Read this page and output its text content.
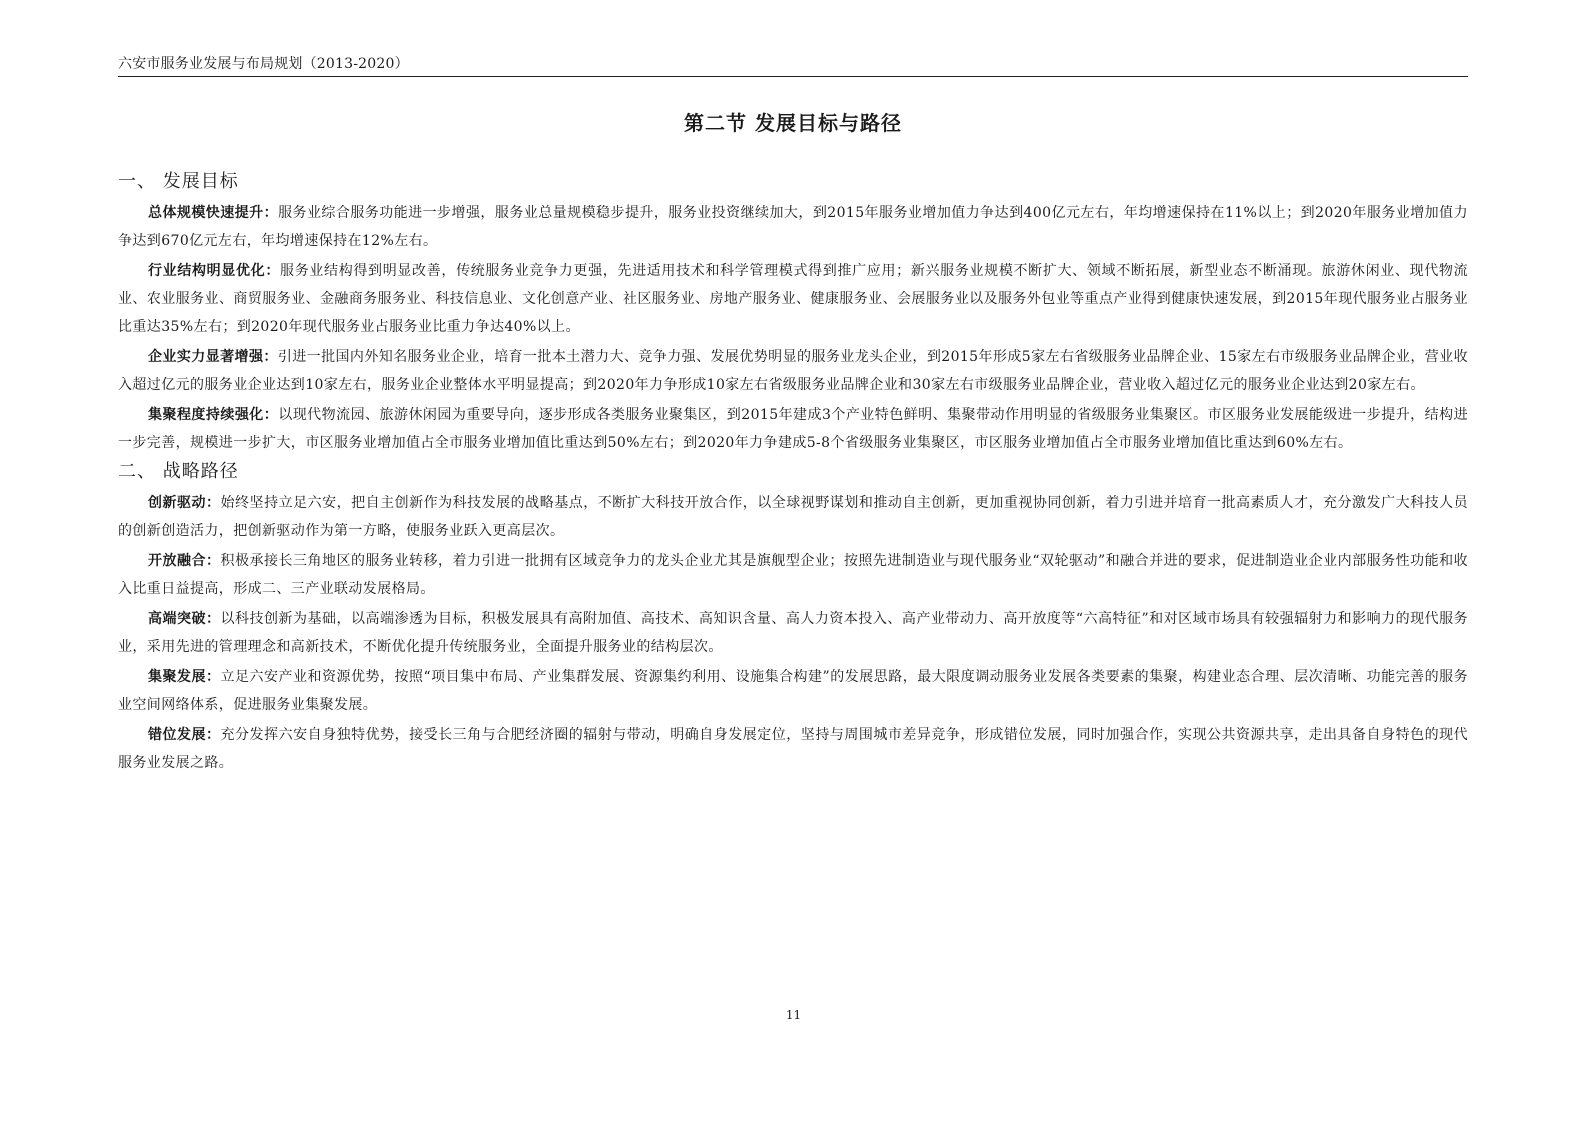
六安市服务业发展与布局规划（2013-2020）
第二节 发展目标与路径
一、 发展目标

总体规模快速提升：服务业综合服务功能进一步增强，服务业总量规模稳步提升，服务业投资继续加大，到2015年服务业增加值力争达到400亿元左右，年均增速保持在11%以上；到2020年服务业增加值力争达到670亿元左右，年均增速保持在12%左右。

行业结构明显优化：服务业结构得到明显改善，传统服务业竞争力更强，先进适用技术和科学管理模式得到推广应用；新兴服务业规模不断扩大、领域不断拓展，新型业态不断涌现。旅游休闲业、现代物流业、农业服务业、商贸服务业、金融商务服务业、科技信息业、文化创意产业、社区服务业、房地产服务业、健康服务业、会展服务业以及服务外包业等重点产业得到健康快速发展，到2015年现代服务业占服务业比重达35%左右；到2020年现代服务业占服务业比重力争达40%以上。

企业实力显著增强：引进一批国内外知名服务业企业，培育一批本土潜力大、竞争力强、发展优势明显的服务业龙头企业，到2015年形成5家左右省级服务业品牌企业、15家左右市级服务业品牌企业，营业收入超过亿元的服务业企业达到10家左右，服务业企业整体水平明显提高；到2020年力争形成10家左右省级服务业品牌企业和30家左右市级服务业品牌企业，营业收入超过亿元的服务业企业达到20家左右。

集聚程度持续强化：以现代物流园、旅游休闲园为重要导向，逐步形成各类服务业聚集区，到2015年建成3个产业特色鲜明、集聚带动作用明显的省级服务业集聚区。市区服务业发展能级进一步提升，结构进一步完善，规模进一步扩大，市区服务业增加值占全市服务业增加值比重达到50%左右；到2020年力争建成5-8个省级服务业集聚区，市区服务业增加值占全市服务业增加值比重达到60%左右。

二、 战略路径

创新驱动：始终坚持立足六安，把自主创新作为科技发展的战略基点，不断扩大科技开放合作，以全球视野谋划和推动自主创新，更加重视协同创新，着力引进并培育一批高素质人才，充分激发广大科技人员的创新创造活力，把创新驱动作为第一方略，使服务业跃入更高层次。

开放融合：积极承接长三角地区的服务业转移，着力引进一批拥有区域竞争力的龙头企业尤其是旗舰型企业；按照先进制造业与现代服务业“双轮驱动”和融合并进的要求，促进制造业企业内部服务性功能和收入比重日益提高，形成二、三产业联动发展格局。

高端突破：以科技创新为基础，以高端渗透为目标，积极发展具有高附加值、高技术、高知识含量、高人力资本投入、高产业带动力、高开放度等“六高特征”和对区域市场具有较强辐射力和影响力的现代服务业，采用先进的管理理念和高新技术，不断优化提升传统服务业，全面提升服务业的结构层次。

集聚发展：立足六安产业和资源优势，按照“项目集中布局、产业集群发展、资源集约利用、设施集合构建”的发展思路，最大限度调动服务业发展各类要素的集聚，构建业态合理、层次清晰、功能完善的服务业空间网络体系，促进服务业集聚发展。

错位发展：充分发挥六安自身独特优势，接受长三角与合肥经济圈的辐射与带动，明确自身发展定位，坚持与周围城市差异竞争，形成错位发展，同时加强合作，实现公共资源共享，走出具备自身特色的现代服务业发展之路。

11
